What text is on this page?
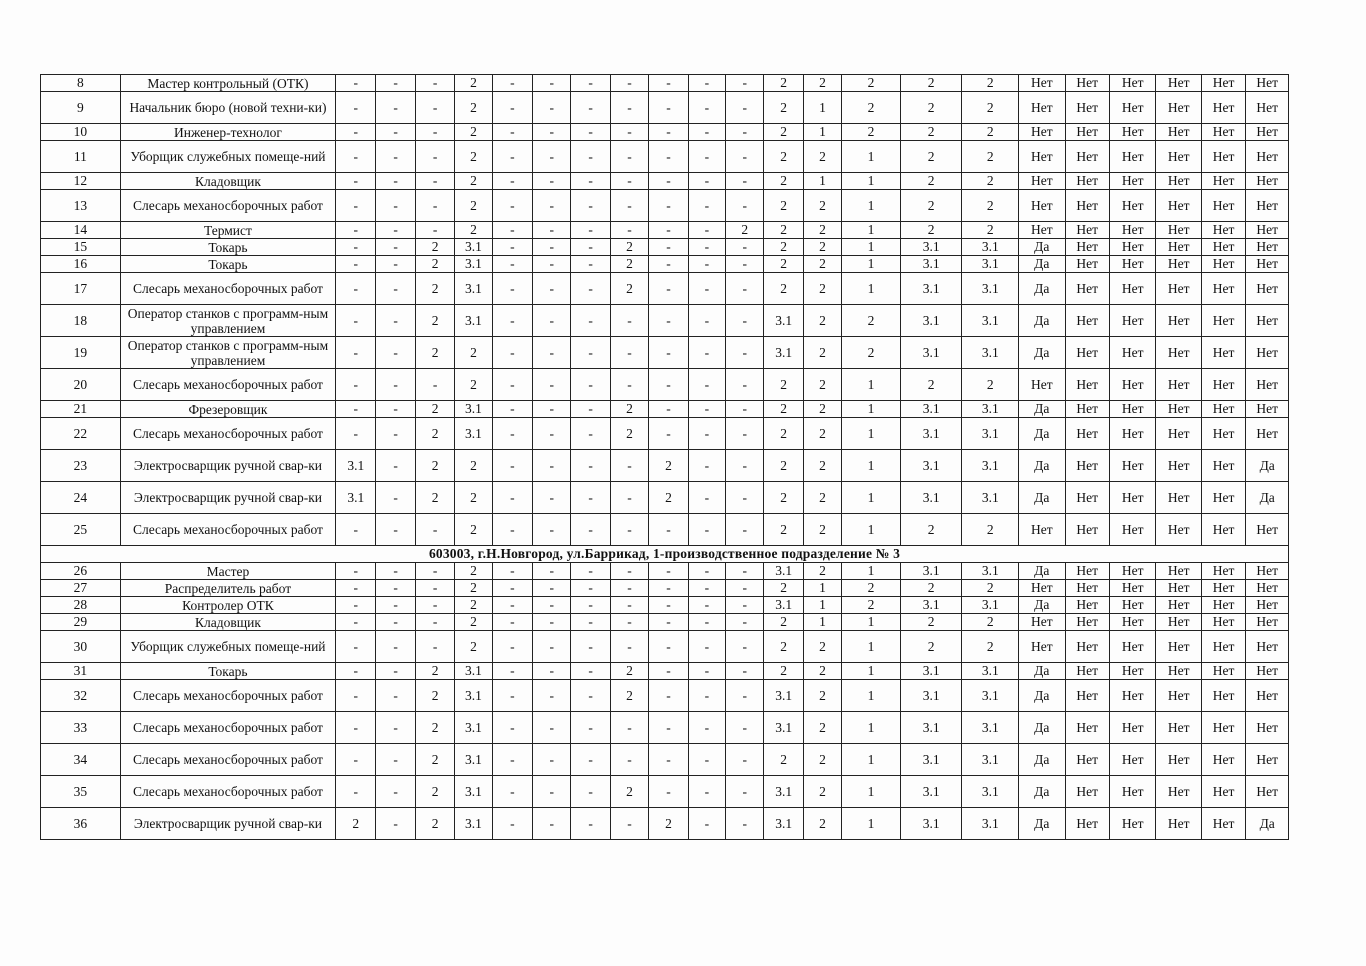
8	Мастер контрольный (ОТК)	-	-	-	2	-	-	-	-	-	-	-	2	2	2	2	2	Нет	Нет	Нет	Нет	Нет	Нет
9	Начальник бюро (новой техни-ки)	-	-	-	2	-	-	-	-	-	-	-	2	1	2	2	2	Нет	Нет	Нет	Нет	Нет	Нет
10	Инженер-технолог	-	-	-	2	-	-	-	-	-	-	-	2	1	2	2	2	Нет	Нет	Нет	Нет	Нет	Нет
11	Уборщик служебных помеще-ний	-	-	-	2	-	-	-	-	-	-	-	2	2	1	2	2	Нет	Нет	Нет	Нет	Нет	Нет
12	Кладовщик	-	-	-	2	-	-	-	-	-	-	-	2	1	1	2	2	Нет	Нет	Нет	Нет	Нет	Нет
13	Слесарь механосборочных работ	-	-	-	2	-	-	-	-	-	-	-	2	2	1	2	2	Нет	Нет	Нет	Нет	Нет	Нет
14	Термист	-	-	-	2	-	-	-	-	-	-	2	2	2	1	2	2	Нет	Нет	Нет	Нет	Нет	Нет
15	Токарь	-	-	2	3.1	-	-	-	2	-	-	-	2	2	1	3.1	3.1	Да	Нет	Нет	Нет	Нет	Нет
16	Токарь	-	-	2	3.1	-	-	-	2	-	-	-	2	2	1	3.1	3.1	Да	Нет	Нет	Нет	Нет	Нет
17	Слесарь механосборочных работ	-	-	2	3.1	-	-	-	2	-	-	-	2	2	1	3.1	3.1	Да	Нет	Нет	Нет	Нет	Нет
18	Оператор станков с программ-ным управлением	-	-	2	3.1	-	-	-	-	-	-	-	3.1	2	2	3.1	3.1	Да	Нет	Нет	Нет	Нет	Нет
19	Оператор станков с программ-ным управлением	-	-	2	2	-	-	-	-	-	-	-	3.1	2	2	3.1	3.1	Да	Нет	Нет	Нет	Нет	Нет
20	Слесарь механосборочных работ	-	-	-	2	-	-	-	-	-	-	-	2	2	1	2	2	Нет	Нет	Нет	Нет	Нет	Нет
21	Фрезеровщик	-	-	2	3.1	-	-	-	2	-	-	-	2	2	1	3.1	3.1	Да	Нет	Нет	Нет	Нет	Нет
22	Слесарь механосборочных работ	-	-	2	3.1	-	-	-	2	-	-	-	2	2	1	3.1	3.1	Да	Нет	Нет	Нет	Нет	Нет
23	Электросварщик ручной свар-ки	3.1	-	2	2	-	-	-	-	2	-	-	2	2	1	3.1	3.1	Да	Нет	Нет	Нет	Нет	Да
24	Электросварщик ручной свар-ки	3.1	-	2	2	-	-	-	-	2	-	-	2	2	1	3.1	3.1	Да	Нет	Нет	Нет	Нет	Да
25	Слесарь механосборочных работ	-	-	-	2	-	-	-	-	-	-	-	2	2	1	2	2	Нет	Нет	Нет	Нет	Нет	Нет
603003, г.Н.Новгород, ул.Баррикад, 1-производственное подразделение № 3																							
26	Мастер	-	-	-	2	-	-	-	-	-	-	-	3.1	2	1	3.1	3.1	Да	Нет	Нет	Нет	Нет	Нет
27	Распределитель работ	-	-	-	2	-	-	-	-	-	-	-	2	1	2	2	2	Нет	Нет	Нет	Нет	Нет	Нет
28	Контролер ОТК	-	-	-	2	-	-	-	-	-	-	-	3.1	1	2	3.1	3.1	Да	Нет	Нет	Нет	Нет	Нет
29	Кладовщик	-	-	-	2	-	-	-	-	-	-	-	2	1	1	2	2	Нет	Нет	Нет	Нет	Нет	Нет
30	Уборщик служебных помеще-ний	-	-	-	2	-	-	-	-	-	-	-	2	2	1	2	2	Нет	Нет	Нет	Нет	Нет	Нет
31	Токарь	-	-	2	3.1	-	-	-	2	-	-	-	2	2	1	3.1	3.1	Да	Нет	Нет	Нет	Нет	Нет
32	Слесарь механосборочных работ	-	-	2	3.1	-	-	-	2	-	-	-	3.1	2	1	3.1	3.1	Да	Нет	Нет	Нет	Нет	Нет
33	Слесарь механосборочных работ	-	-	2	3.1	-	-	-	-	-	-	-	3.1	2	1	3.1	3.1	Да	Нет	Нет	Нет	Нет	Нет
34	Слесарь механосборочных работ	-	-	2	3.1	-	-	-	-	-	-	-	2	2	1	3.1	3.1	Да	Нет	Нет	Нет	Нет	Нет
35	Слесарь механосборочных работ	-	-	2	3.1	-	-	-	2	-	-	-	3.1	2	1	3.1	3.1	Да	Нет	Нет	Нет	Нет	Нет
36	Электросварщик ручной свар-ки	2	-	2	3.1	-	-	-	-	2	-	-	3.1	2	1	3.1	3.1	Да	Нет	Нет	Нет	Нет	Да
